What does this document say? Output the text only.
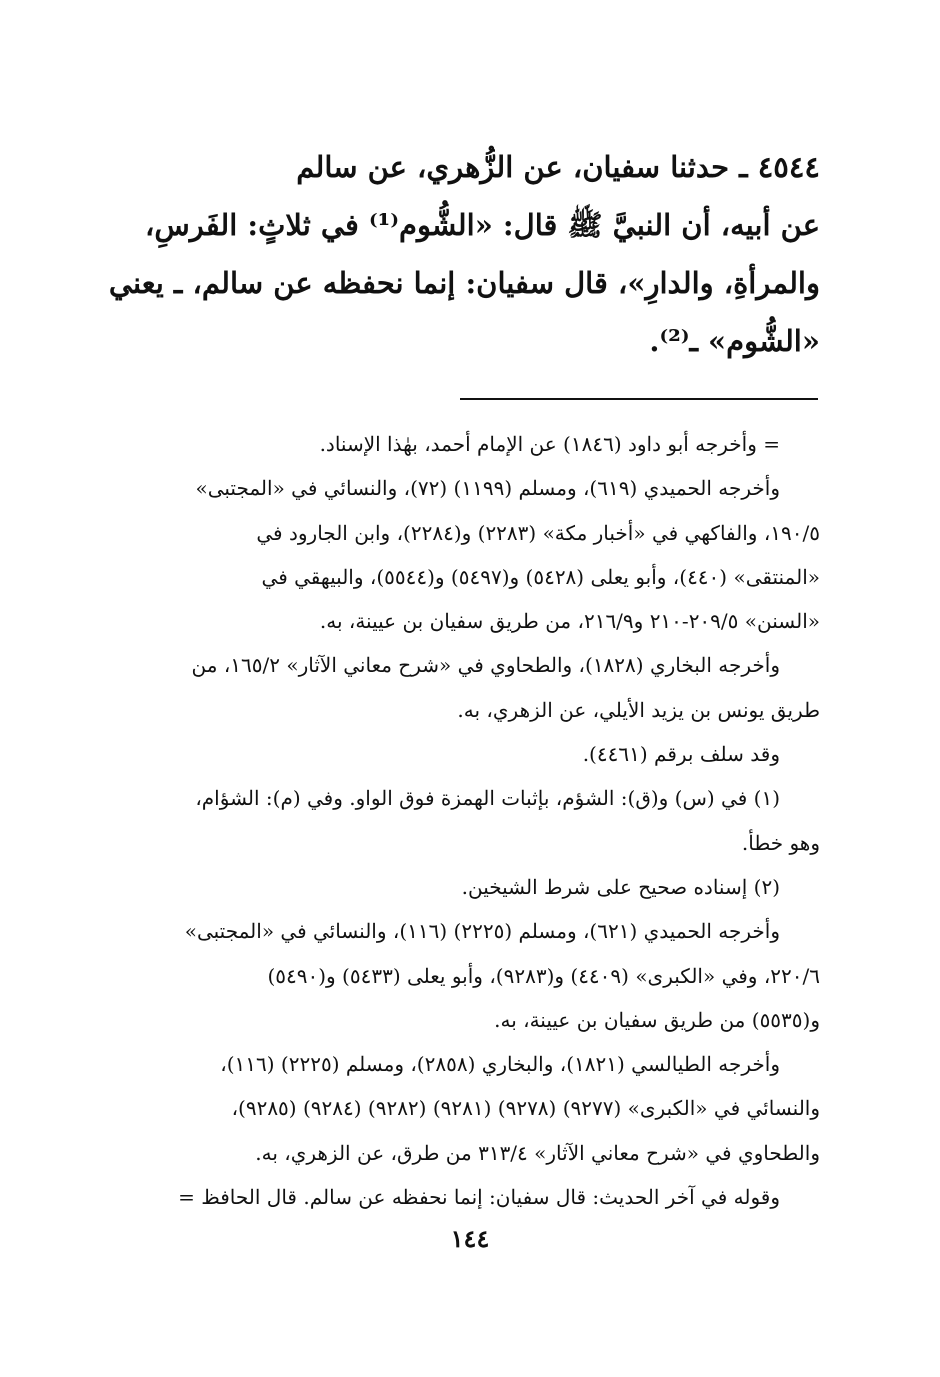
٤٥٤٤ ـ حدثنا سفيان، عن الزُّهري، عن سالم
عن أبيه، أن النبيَّ ﷺ قال: «الشُّوم⁽¹⁾ في ثلاثٍ: الفَرسِ،
والمرأةِ، والدارِ»، قال سفيان: إنما نحفظه عن سالم، ـ يعني
«الشُّوم» ـ⁽²⁾.
= وأخرجه أبو داود (١٨٤٦) عن الإمام أحمد، بهٰذا الإسناد.
وأخرجه الحميدي (٦١٩)، ومسلم (١١٩٩) (٧٢)، والنسائي في «المجتبى»
١٩٠/٥، والفاكهي في «أخبار مكة» (٢٢٨٣) و(٢٢٨٤)، وابن الجارود في
«المنتقى» (٤٤٠)، وأبو يعلى (٥٤٢٨) و(٥٤٩٧) و(٥٥٤٤)، والبيهقي في
«السنن» ٢٠٩/٥-٢١٠ و٢١٦/٩، من طريق سفيان بن عيينة، به.
وأخرجه البخاري (١٨٢٨)، والطحاوي في «شرح معاني الآثار» ١٦٥/٢، من
طريق يونس بن يزيد الأيلي، عن الزهري، به.
وقد سلف برقم (٤٤٦١).
(١) في (س) و(ق): الشؤم، بإثبات الهمزة فوق الواو. وفي (م): الشؤام،
وهو خطأ.
(٢) إسناده صحيح على شرط الشيخين.
وأخرجه الحميدي (٦٢١)، ومسلم (٢٢٢٥) (١١٦)، والنسائي في «المجتبى»
٢٢٠/٦، وفي «الكبرى» (٤٤٠٩) و(٩٢٨٣)، وأبو يعلى (٥٤٣٣) و(٥٤٩٠)
و(٥٥٣٥) من طريق سفيان بن عيينة، به.
وأخرجه الطيالسي (١٨٢١)، والبخاري (٢٨٥٨)، ومسلم (٢٢٢٥) (١١٦)،
والنسائي في «الكبرى» (٩٢٧٧) (٩٢٧٨) (٩٢٨١) (٩٢٨٢) (٩٢٨٤) (٩٢٨٥)،
والطحاوي في «شرح معاني الآثار» ٣١٣/٤ من طرق، عن الزهري، به.
وقوله في آخر الحديث: قال سفيان: إنما نحفظه عن سالم. قال الحافظ =
١٤٤
